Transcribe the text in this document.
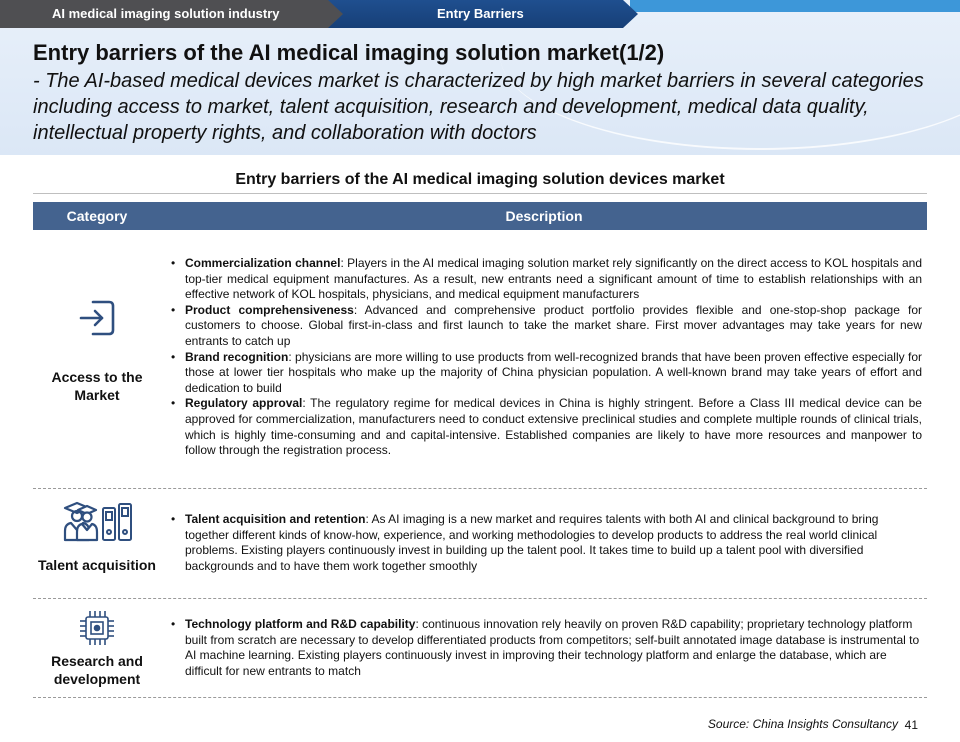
AI medical imaging solution industry	Entry Barriers
Entry barriers of the AI medical imaging solution market(1/2)
- The AI-based medical devices market is characterized by high market barriers in several categories including access to market, talent acquisition, research and development, medical data quality, intellectual property rights, and collaboration with doctors
Entry barriers of the AI medical imaging solution devices market
Category	Description
Access to the Market
• Commercialization channel: Players in the AI medical imaging solution market rely significantly on the direct access to KOL hospitals and top-tier medical equipment manufactures. As a result, new entrants need a significant amount of time to establish relationships with an effective network of KOL hospitals, physicians, and medical equipment manufacturers
• Product comprehensiveness: Advanced and comprehensive product portfolio provides flexible and one-stop-shop package for customers to choose. Global first-in-class and first launch to take the market share. First mover advantages may take years for new entrants to catch up
• Brand recognition: physicians are more willing to use products from well-recognized brands that have been proven effective especially for those at lower tier hospitals who make up the majority of China physician population. A well-known brand may take years of effort and dedication to build
• Regulatory approval: The regulatory regime for medical devices in China is highly stringent. Before a Class III medical device can be approved for commercialization, manufacturers need to conduct extensive preclinical studies and complete multiple rounds of clinical trials, which is highly time-consuming and and capital-intensive. Established companies are likely to have more resources and manpower to follow through the registration process.
Talent acquisition
• Talent acquisition and retention: As AI imaging is a new market and requires talents with both AI and clinical background to bring together different kinds of know-how, experience, and working methodologies to develop products to address the real world clinical problems. Existing players continuously invest in building up the talent pool. It takes time to build up a talent pool with diversified backgrounds and to have them work together smoothly
Research and development
• Technology platform and R&D capability: continuous innovation rely heavily on proven R&D capability; proprietary technology platform built from scratch are necessary to develop differentiated products from competitors; self-built annotated image database is instrumental to AI machine learning. Existing players continuously invest in improving their technology platform and enlarge the database, which are difficult for new entrants to match
Source: China Insights Consultancy 41
